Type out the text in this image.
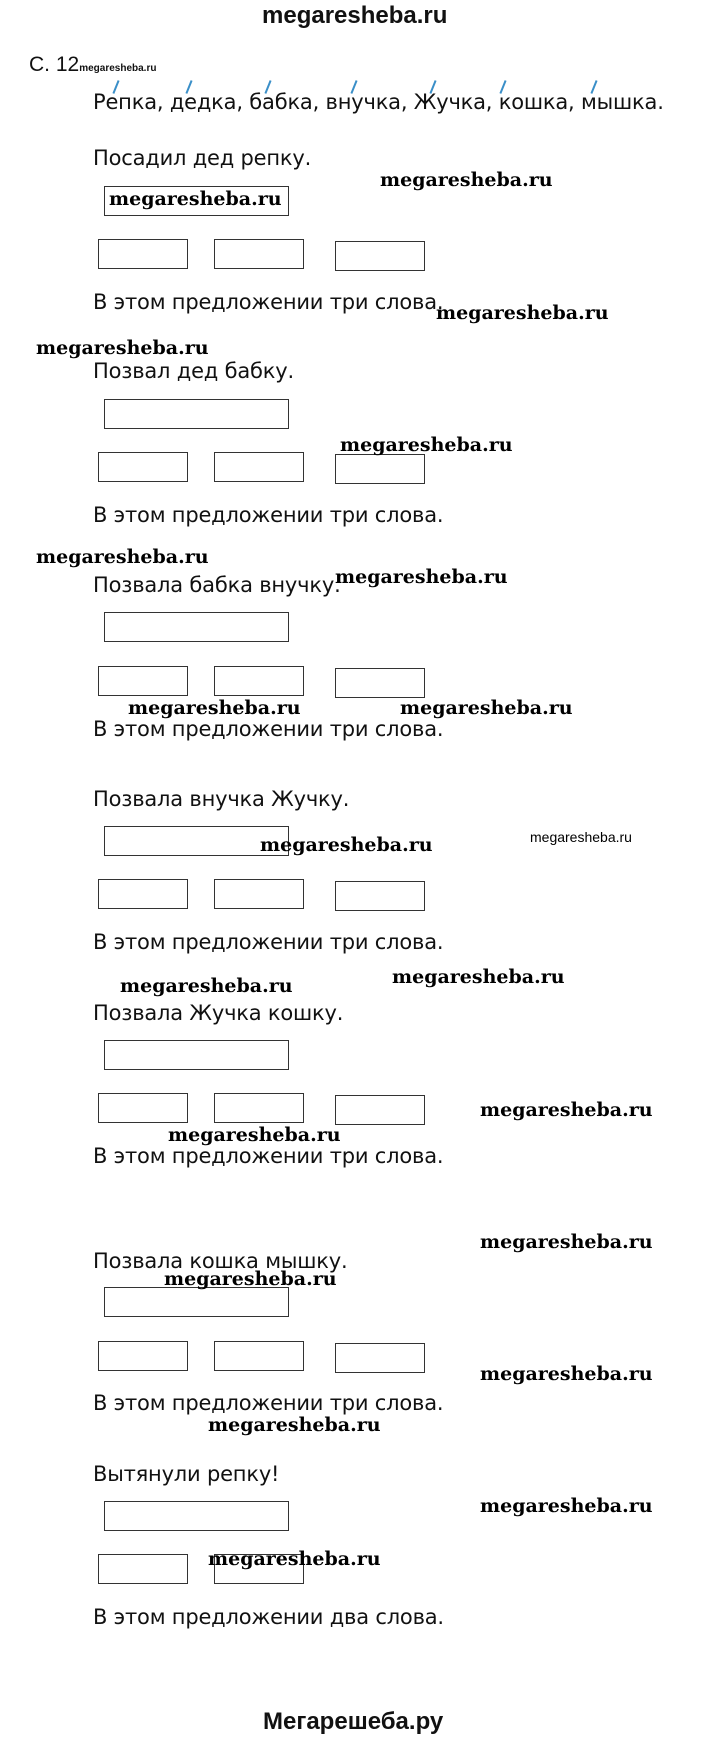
megaresheba.ru
С. 12megaresheba.ru
Репка, дедка, бабка, внучка, Жучка, кошка, мышка.
Посадил дед репку.
megaresheba.ru
В этом предложении три слова.
Позвал дед бабку.
В этом предложении три слова.
Позвала бабка внучку.
В этом предложении три слова.
Позвала внучка Жучку.
В этом предложении три слова.
Позвала Жучка кошку.
В этом предложении три слова.
Позвала кошка мышку.
В этом предложении три слова.
Вытянули репку!
В этом предложении два слова.
megaresheba.ru
megaresheba.ru
megaresheba.ru
megaresheba.ru
megaresheba.ru
megaresheba.ru
megaresheba.ru	megaresheba.ru
megaresheba.ru	megaresheba.ru
megaresheba.ru
megaresheba.ru
megaresheba.ru
megaresheba.ru
megaresheba.ru
megaresheba.ru
megaresheba.ru
megaresheba.ru
megaresheba.ru
megaresheba.ru
Мегарешеба.ру
